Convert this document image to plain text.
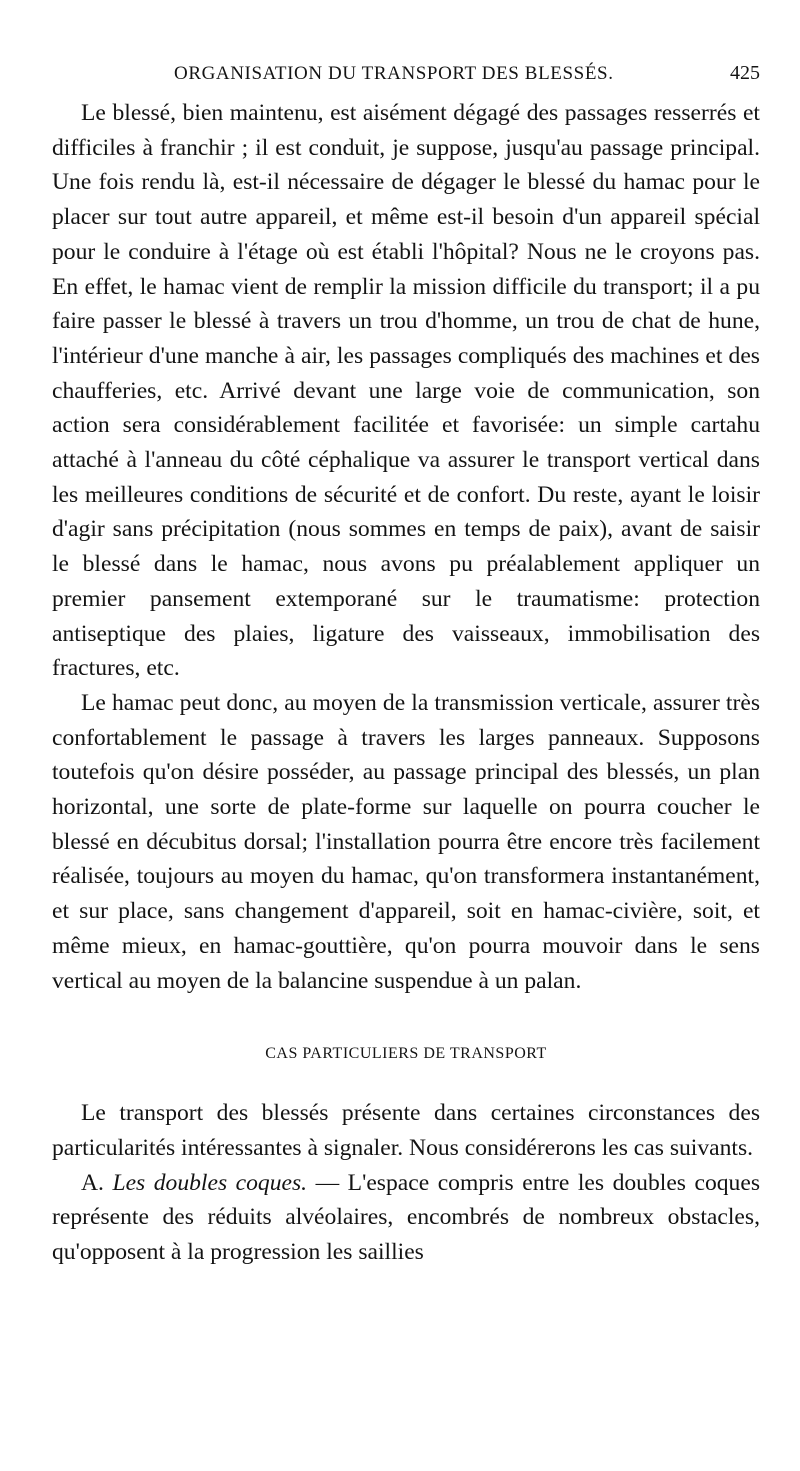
ORGANISATION DU TRANSPORT DES BLESSÉS.	425

Le blessé, bien maintenu, est aisément dégagé des passages resserrés et difficiles à franchir ; il est conduit, je suppose, jusqu'au passage principal. Une fois rendu là, est-il nécessaire de dégager le blessé du hamac pour le placer sur tout autre appareil, et même est-il besoin d'un appareil spécial pour le conduire à l'étage où est établi l'hôpital? Nous ne le croyons pas. En effet, le hamac vient de remplir la mission difficile du transport; il a pu faire passer le blessé à travers un trou d'homme, un trou de chat de hune, l'intérieur d'une manche à air, les passages compliqués des machines et des chaufferies, etc. Arrivé devant une large voie de communication, son action sera considérablement facilitée et favorisée: un simple cartahu attaché à l'anneau du côté céphalique va assurer le transport vertical dans les meilleures conditions de sécurité et de confort. Du reste, ayant le loisir d'agir sans précipitation (nous sommes en temps de paix), avant de saisir le blessé dans le hamac, nous avons pu préalablement appliquer un premier pansement extemporané sur le traumatisme: protection antiseptique des plaies, ligature des vaisseaux, immobilisation des fractures, etc.

Le hamac peut donc, au moyen de la transmission verticale, assurer très confortablement le passage à travers les larges panneaux. Supposons toutefois qu'on désire posséder, au passage principal des blessés, un plan horizontal, une sorte de plate-forme sur laquelle on pourra coucher le blessé en décubitus dorsal; l'installation pourra être encore très facilement réalisée, toujours au moyen du hamac, qu'on transformera instantanément, et sur place, sans changement d'appareil, soit en hamac-civière, soit, et même mieux, en hamac-gouttière, qu'on pourra mouvoir dans le sens vertical au moyen de la balancine suspendue à un palan.

CAS PARTICULIERS DE TRANSPORT

Le transport des blessés présente dans certaines circonstances des particularités intéressantes à signaler. Nous considérerons les cas suivants.

A. Les doubles coques. — L'espace compris entre les doubles coques représente des réduits alvéolaires, encombrés de nombreux obstacles, qu'opposent à la progression les saillies
